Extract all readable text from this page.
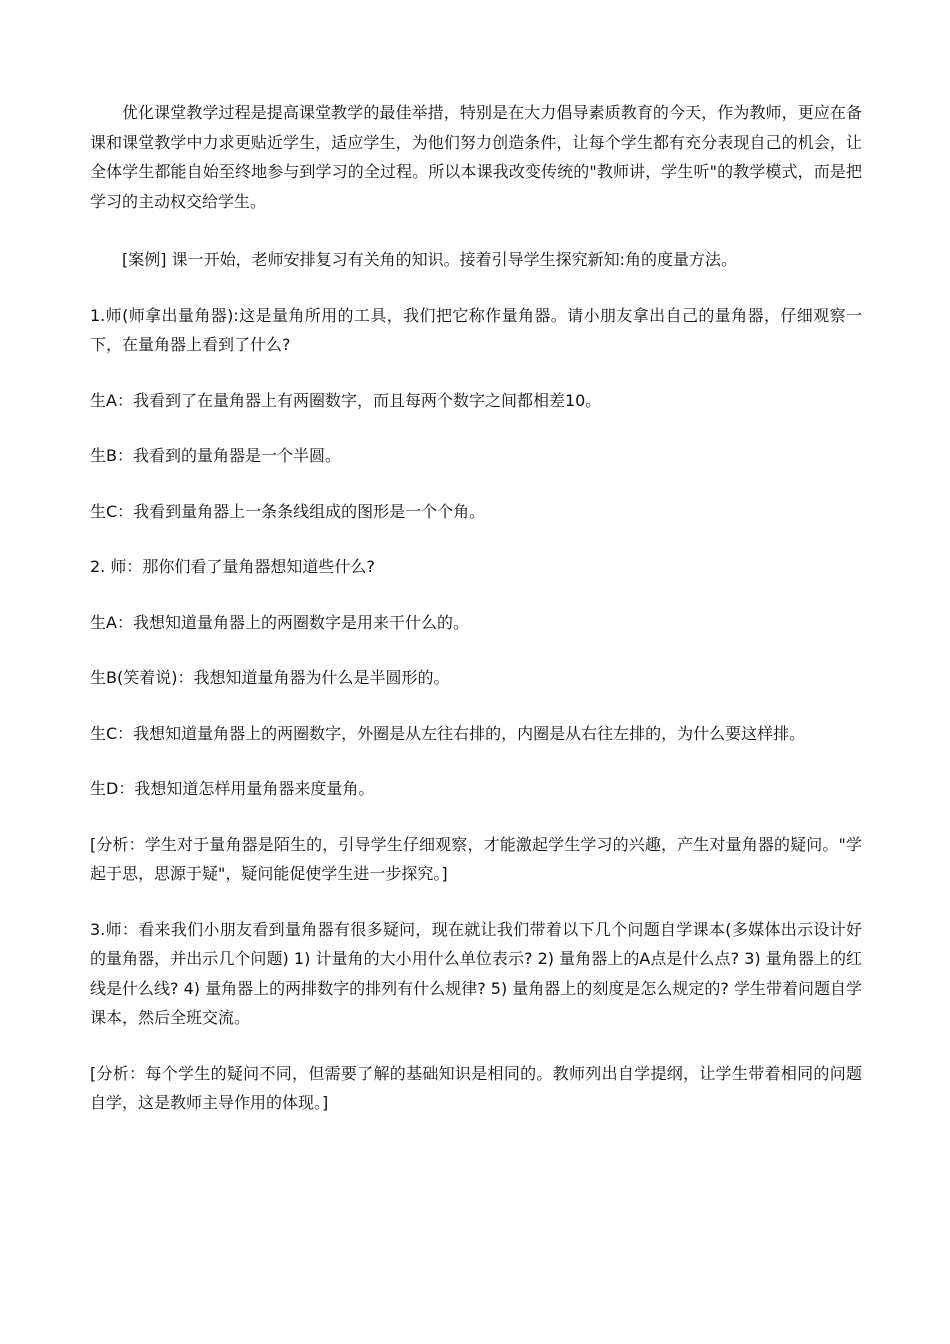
优化课堂教学过程是提高课堂教学的最佳举措，特别是在大力倡导素质教育的今天，作为教师，更应在备课和课堂教学中力求更贴近学生，适应学生，为他们努力创造条件，让每个学生都有充分表现自己的机会，让全体学生都能自始至终地参与到学习的全过程。所以本课我改变传统的"教师讲，学生听"的教学模式，而是把学习的主动权交给学生。

[案例] 课一开始，老师安排复习有关角的知识。接着引导学生探究新知:角的度量方法。

1.师(师拿出量角器):这是量角所用的工具，我们把它称作量角器。请小朋友拿出自己的量角器，仔细观察一下，在量角器上看到了什么?

生A：我看到了在量角器上有两圈数字，而且每两个数字之间都相差10。

生B：我看到的量角器是一个半圆。

生C：我看到量角器上一条条线组成的图形是一个个角。

2. 师：那你们看了量角器想知道些什么?

生A：我想知道量角器上的两圈数字是用来干什么的。

生B(笑着说)：我想知道量角器为什么是半圆形的。

生C：我想知道量角器上的两圈数字，外圈是从左往右排的，内圈是从右往左排的，为什么要这样排。

生D：我想知道怎样用量角器来度量角。

[分析：学生对于量角器是陌生的，引导学生仔细观察，才能激起学生学习的兴趣，产生对量角器的疑问。"学起于思，思源于疑"，疑问能促使学生进一步探究。]

3.师：看来我们小朋友看到量角器有很多疑问，现在就让我们带着以下几个问题自学课本(多媒体出示设计好的量角器，并出示几个问题) 1) 计量角的大小用什么单位表示? 2) 量角器上的A点是什么点? 3) 量角器上的红线是什么线? 4) 量角器上的两排数字的排列有什么规律? 5) 量角器上的刻度是怎么规定的? 学生带着问题自学课本，然后全班交流。

[分析：每个学生的疑问不同，但需要了解的基础知识是相同的。教师列出自学提纲，让学生带着相同的问题自学，这是教师主导作用的体现。]
